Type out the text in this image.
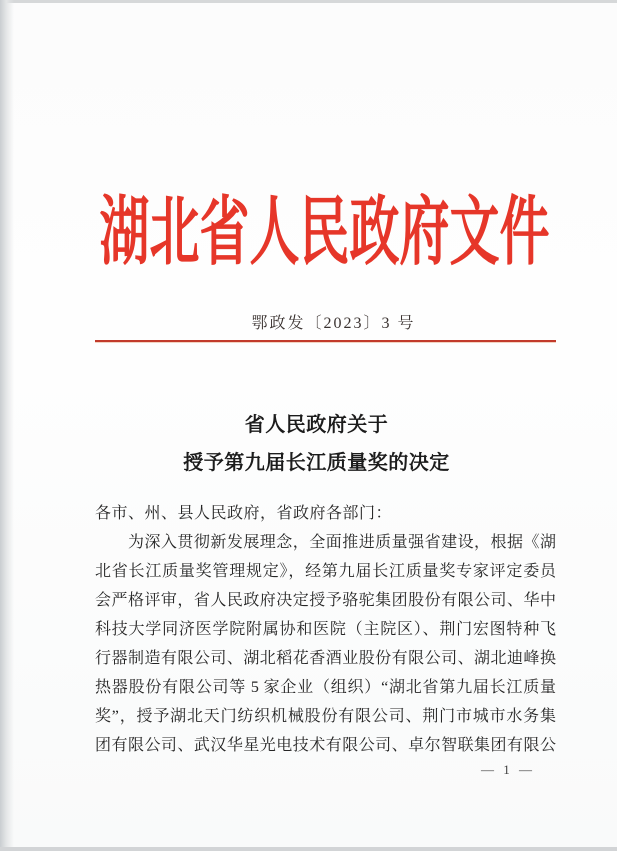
湖北省人民政府文件
鄂政发〔2023〕3 号
省人民政府关于
授予第九届长江质量奖的决定
各市、州、县人民政府，省政府各部门：
　　为深入贯彻新发展理念，全面推进质量强省建设，根据《湖
北省长江质量奖管理规定》，经第九届长江质量奖专家评定委员
会严格评审，省人民政府决定授予骆驼集团股份有限公司、华中
科技大学同济医学院附属协和医院（主院区）、荆门宏图特种飞
行器制造有限公司、湖北稻花香酒业股份有限公司、湖北迪峰换
热器股份有限公司等 5 家企业（组织）“湖北省第九届长江质量
奖”，授予湖北天门纺织机械股份有限公司、荆门市城市水务集
团有限公司、武汉华星光电技术有限公司、卓尔智联集团有限公
— 1 —
